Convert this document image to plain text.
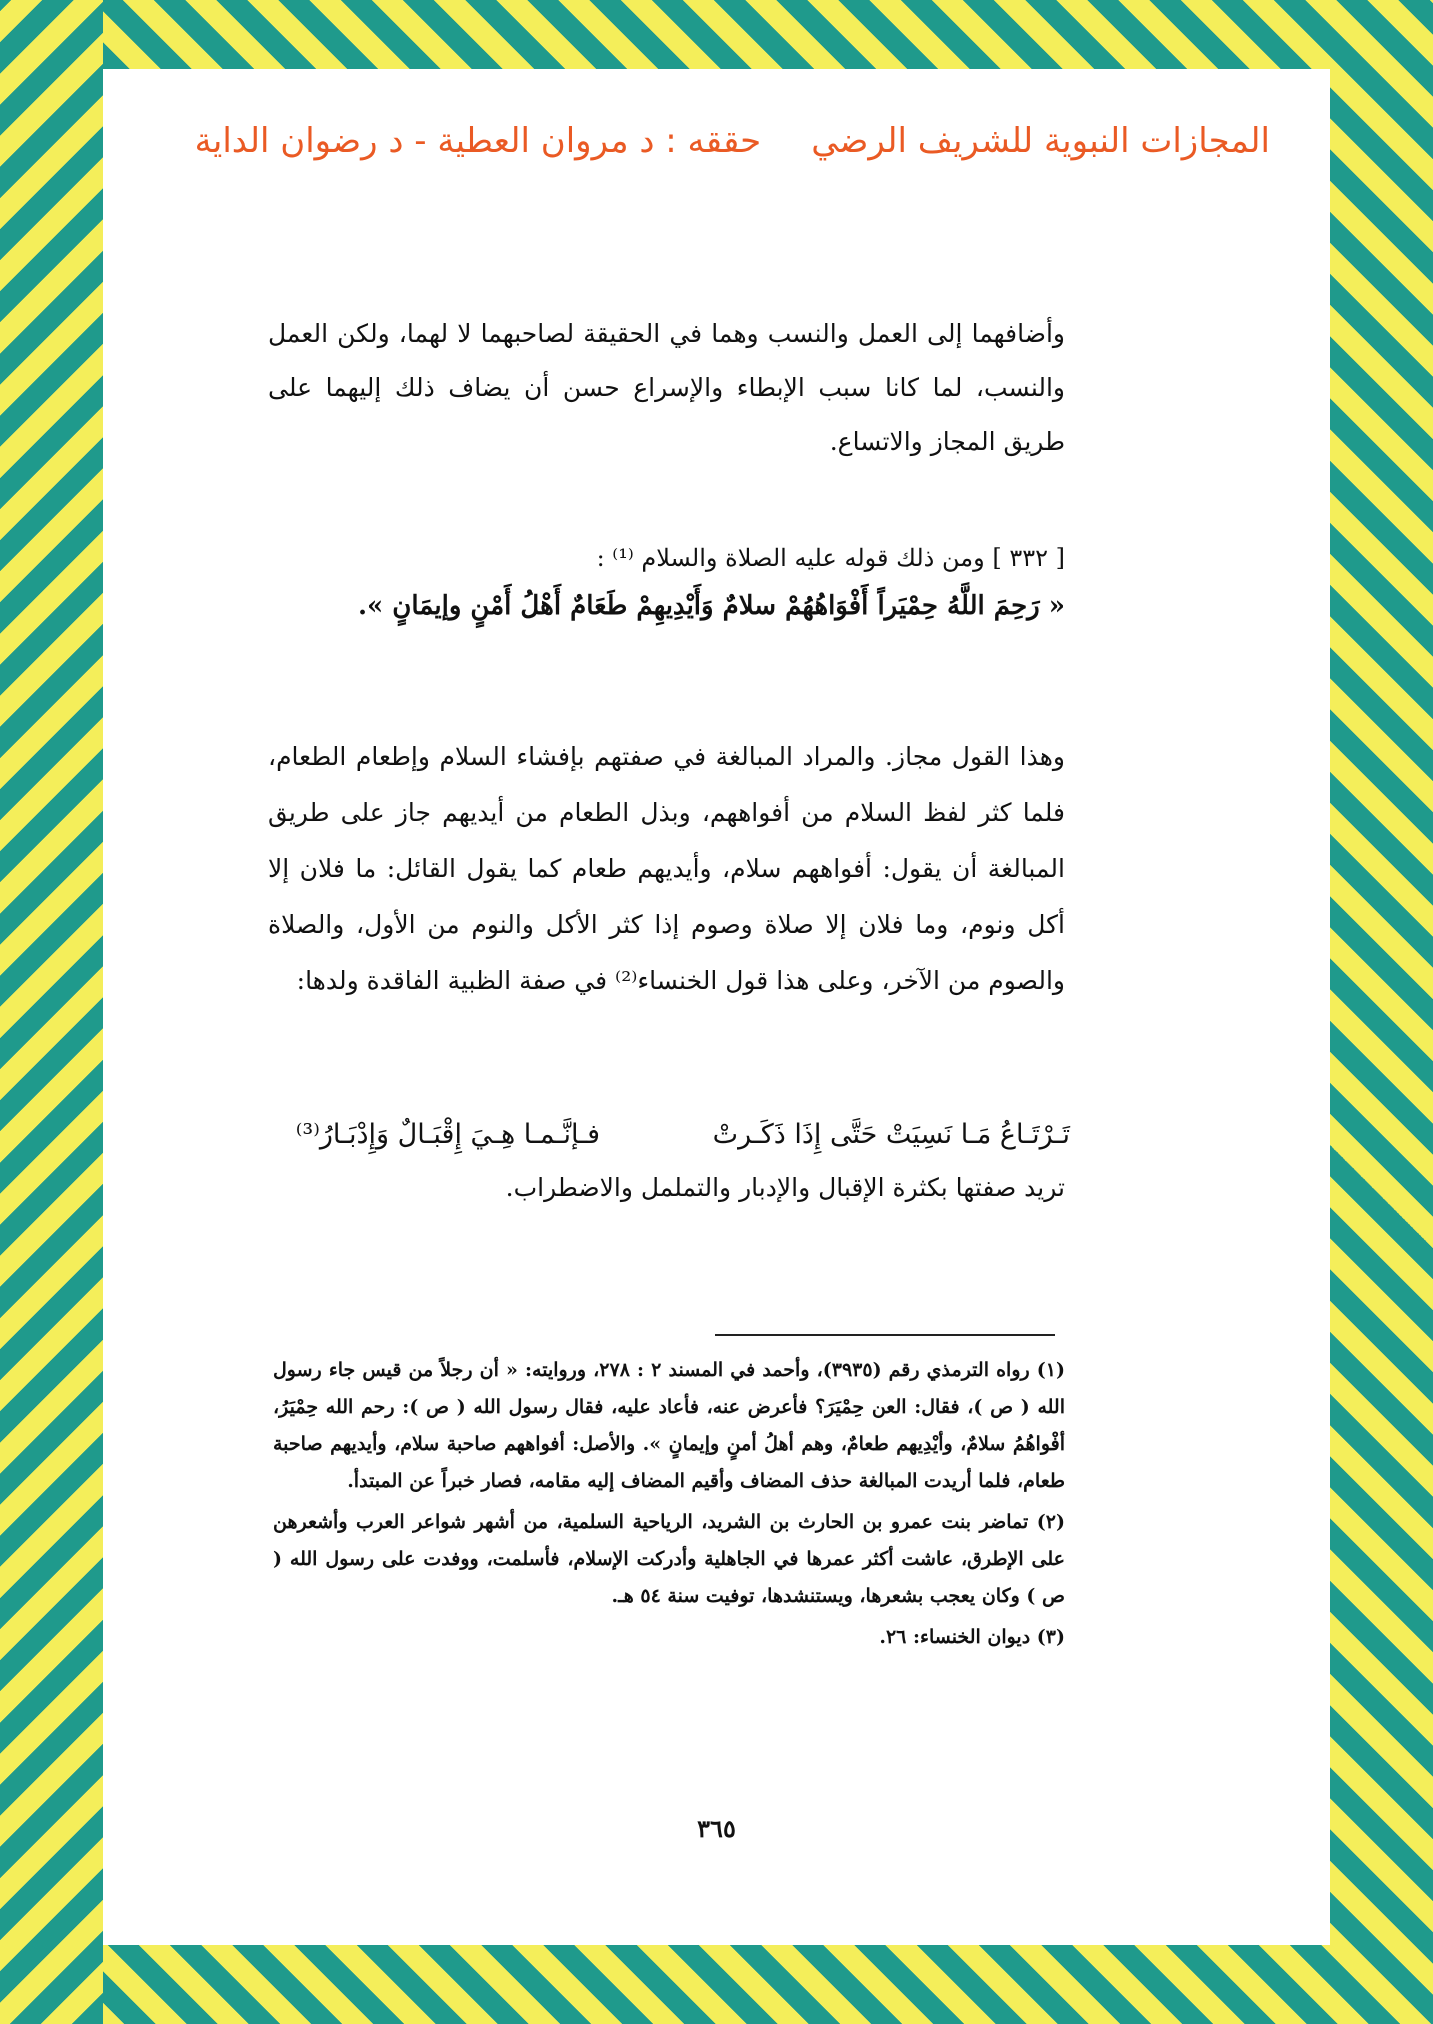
المجازات النبوية للشريف الرضيحققه : د مروان العطية - د رضوان الداية
وأضافهما إلى العمل والنسب وهما في الحقيقة لصاحبهما لا لهما، ولكن العمل والنسب، لما كانا سبب الإبطاء والإسراع حسن أن يضاف ذلك إليهما على طريق المجاز والاتساع.
[ ٣٣٢ ] ومن ذلك قوله عليه الصلاة والسلام ⁽¹⁾ :
« رَحِمَ اللَّهُ حِمْيَراً أَفْوَاهُهُمْ سلامٌ وَأَيْدِيهِمْ طَعَامٌ أَهْلُ أَمْنٍ وإيمَانٍ ».
وهذا القول مجاز. والمراد المبالغة في صفتهم بإفشاء السلام وإطعام الطعام، فلما كثر لفظ السلام من أفواههم، وبذل الطعام من أيديهم جاز على طريق المبالغة أن يقول: أفواههم سلام، وأيديهم طعام كما يقول القائل: ما فلان إلا أكل ونوم، وما فلان إلا صلاة وصوم إذا كثر الأكل والنوم من الأول، والصلاة والصوم من الآخر، وعلى هذا قول الخنساء⁽²⁾ في صفة الظبية الفاقدة ولدها:
تَـرْتَـاعُ مَـا نَسِيَتْ حَتَّى إِذَا ذَكَـرتْ
فـإنَّـمـا هِـيَ إِقْبَـالٌ وَإِدْبَـارُ⁽³⁾
تريد صفتها بكثرة الإقبال والإدبار والتململ والاضطراب.

(١) رواه الترمذي رقم (٣٩٣٥)، وأحمد في المسند ٢ : ٢٧٨، وروايته: « أن رجلاً من قيس جاء رسول الله ( ص )، فقال: العن حِمْيَرَ؟ فأعرض عنه، فأعاد عليه، فقال رسول الله ( ص ): رحم الله حِمْيَرُ، أفْواهُمُ سلامٌ، وأيْدِيهم طعامٌ، وهم أهلُ أمنٍ وإيمانٍ ». والأصل: أفواههم صاحبة سلام، وأيديهم صاحبة طعام، فلما أريدت المبالغة حذف المضاف وأقيم المضاف إليه مقامه، فصار خبراً عن المبتدأ.

(٢) تماضر بنت عمرو بن الحارث بن الشريد، الرياحية السلمية، من أشهر شواعر العرب وأشعرهن على الإطرق، عاشت أكثر عمرها في الجاهلية وأدركت الإسلام، فأسلمت، ووفدت على رسول الله ( ص ) وكان يعجب بشعرها، ويستنشدها، توفيت سنة ٥٤ هـ.

(٣) ديوان الخنساء: ٢٦.

٣٦٥
